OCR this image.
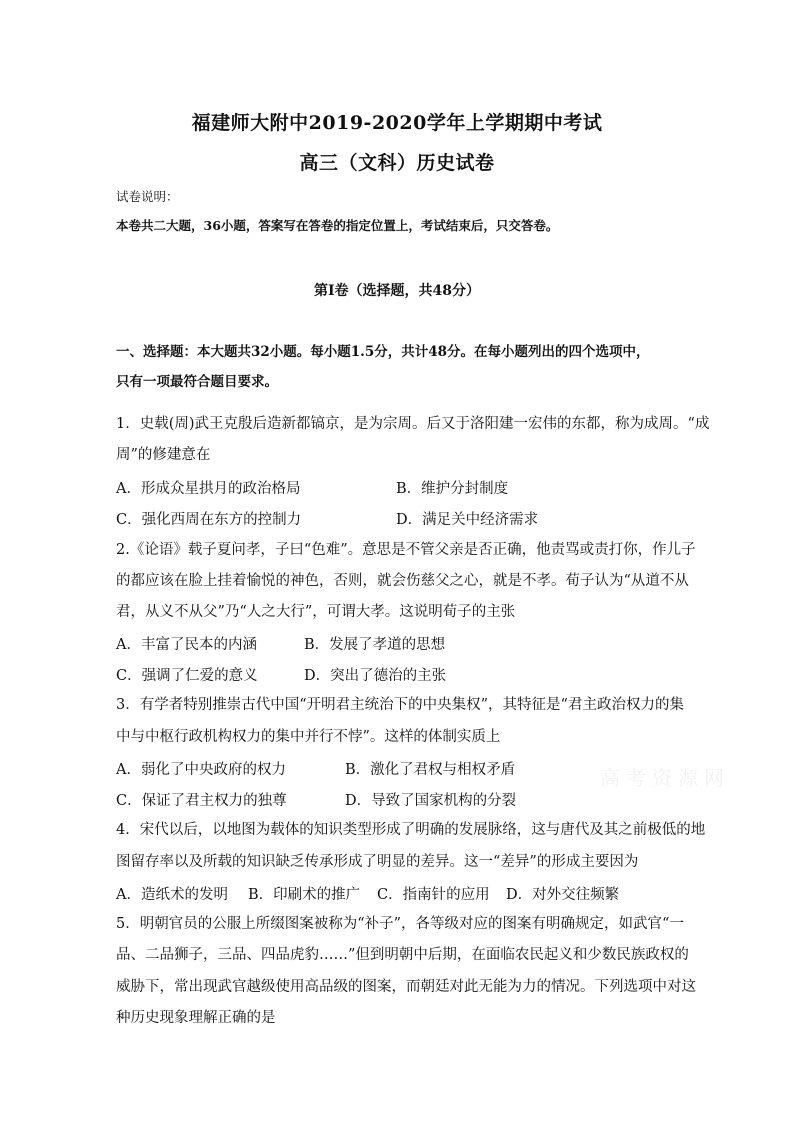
福建师大附中2019-2020学年上学期期中考试
高三（文科）历史试卷
试卷说明：
本卷共二大题，36小题，答案写在答卷的指定位置上，考试结束后，只交答卷。
第Ⅰ卷（选择题，共48分）
一、选择题：本大题共32小题。每小题1.5分，共计48分。在每小题列出的四个选项中，
只有一项最符合题目要求。
1．史载(周)武王克殷后造新都镐京，是为宗周。后又于洛阳建一宏伟的东都，称为成周。“成
周”的修建意在
A．形成众星拱月的政治格局	B．维护分封制度
C．强化西周在东方的控制力	D．满足关中经济需求
2.《论语》载子夏问孝，子曰“色难”。意思是不管父亲是否正确，他责骂或责打你，作儿子
的都应该在脸上挂着愉悦的神色，否则，就会伤慈父之心，就是不孝。荀子认为“从道不从
君，从义不从父”乃“人之大行”，可谓大孝。这说明荀子的主张
A．丰富了民本的内涵	B．发展了孝道的思想
C．强调了仁爱的意义	D．突出了德治的主张
3．有学者特别推崇古代中国“开明君主统治下的中央集权”，其特征是“君主政治权力的集
中与中枢行政机构权力的集中并行不悖”。这样的体制实质上
A．弱化了中央政府的权力	B．激化了君权与相权矛盾
C．保证了君主权力的独尊	D．导致了国家机构的分裂
4．宋代以后，以地图为载体的知识类型形成了明确的发展脉络，这与唐代及其之前极低的地
图留存率以及所载的知识缺乏传承形成了明显的差异。这一“差异”的形成主要因为
A．造纸术的发明 B．印刷术的推广 C．指南针的应用 D．对外交往频繁
5．明朝官员的公服上所缀图案被称为“补子”，各等级对应的图案有明确规定，如武官“一
品、二品狮子，三品、四品虎豹……”但到明朝中后期，在面临农民起义和少数民族政权的
威胁下，常出现武官越级使用高品级的图案，而朝廷对此无能为力的情况。下列选项中对这
种历史现象理解正确的是
高考资源网
